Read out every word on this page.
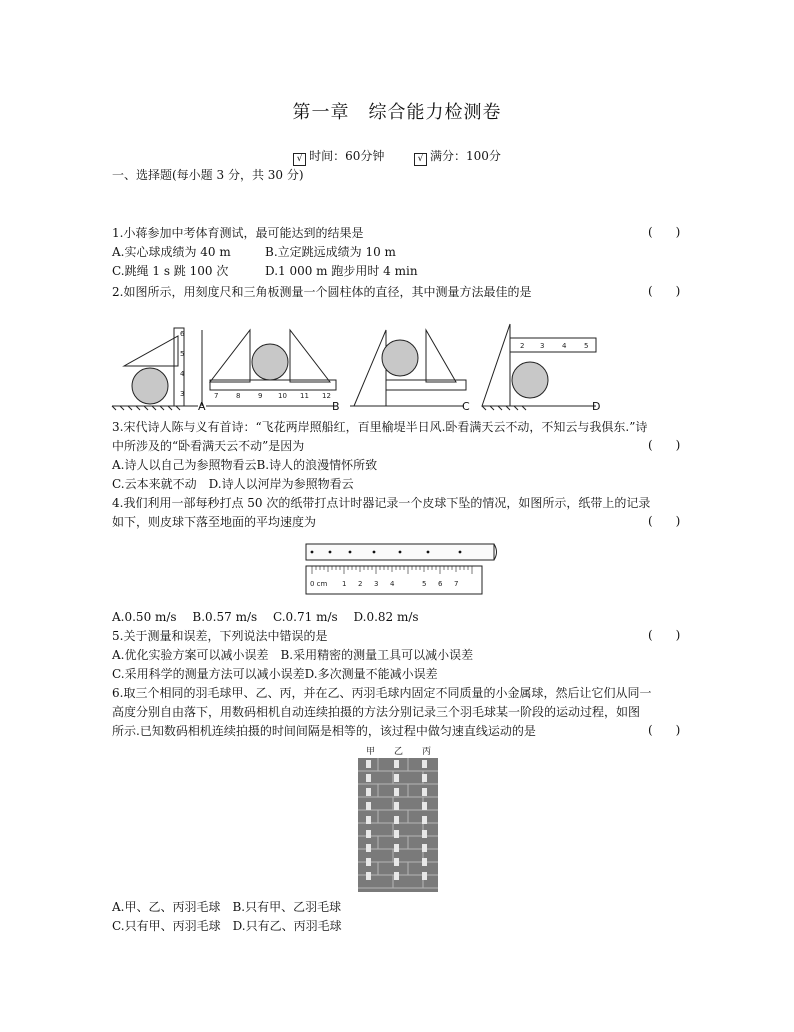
第一章　综合能力检测卷
√ 时间：60分钟	√ 满分：100分
一、选择题(每小题 3 分，共 30 分)
1.小蒋参加中考体育测试，最可能达到的结果是	(      )
A.实心球成绩为 40 m	B.立定跳远成绩为 10 m
C.跳绳 1 s 跳 100 次	D.1 000 m 跑步用时 4 min
2.如图所示，用刻度尺和三角板测量一个圆柱体的直径，其中测量方法最佳的是	(      )
6
5
4
3	7	8	9 10 11 12
2 3	4	5
A	B	C	D
3.宋代诗人陈与义有首诗：“飞花两岸照船红，百里榆堤半日风.卧看满天云不动，不知云与我俱东.”诗
中所涉及的“卧看满天云不动”是因为	(      )
A.诗人以自己为参照物看云B.诗人的浪漫情怀所致
C.云本来就不动　D.诗人以河岸为参照物看云
4.我们利用一部每秒打点 50 次的纸带打点计时器记录一个皮球下坠的情况，如图所示，纸带上的记录
如下，则皮球下落至地面的平均速度为	(      )
0 cm 1 2 3 4	5 6 7
A.0.50 m/s　 B.0.57 m/s　 C.0.71 m/s　 D.0.82 m/s
5.关于测量和误差，下列说法中错误的是	(      )
A.优化实验方案可以减小误差　B.采用精密的测量工具可以减小误差
C.采用科学的测量方法可以减小误差D.多次测量不能减小误差
6.取三个相同的羽毛球甲、乙、丙，并在乙、丙羽毛球内固定不同质量的小金属球，然后让它们从同一
高度分别自由落下，用数码相机自动连续拍摄的方法分别记录三个羽毛球某一阶段的运动过程，如图
所示.已知数码相机连续拍摄的时间间隔是相等的，该过程中做匀速直线运动的是	(      )
甲 乙 丙
A.甲、乙、丙羽毛球　B.只有甲、乙羽毛球
C.只有甲、丙羽毛球　D.只有乙、丙羽毛球
